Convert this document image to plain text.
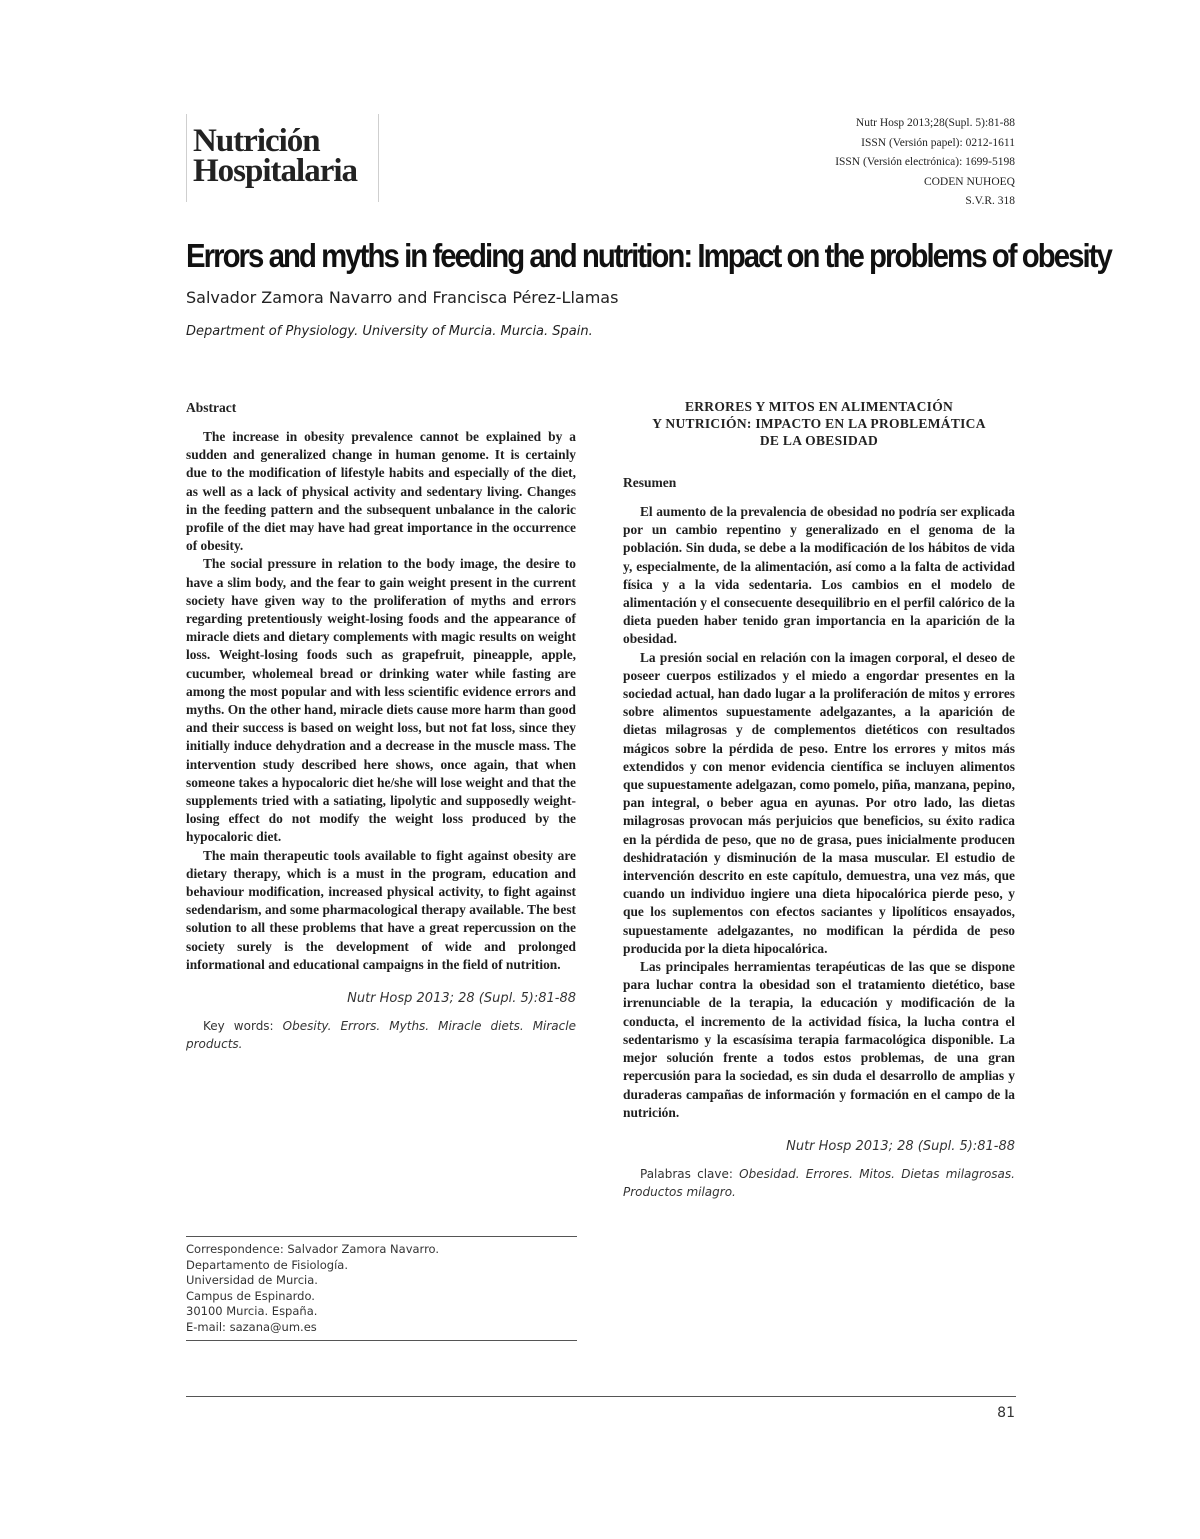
Nutrición
Hospitalaria
Nutr Hosp 2013;28(Supl. 5):81-88
ISSN (Versión papel): 0212-1611
ISSN (Versión electrónica): 1699-5198
CODEN NUHOEQ
S.V.R. 318
Errors and myths in feeding and nutrition: Impact on the problems of obesity
Salvador Zamora Navarro and Francisca Pérez-Llamas
Department of Physiology. University of Murcia. Murcia. Spain.
Abstract

The increase in obesity prevalence cannot be explained by a sudden and generalized change in human genome. It is certainly due to the modification of lifestyle habits and especially of the diet, as well as a lack of physical activity and sedentary living. Changes in the feeding pattern and the subsequent unbalance in the caloric profile of the diet may have had great importance in the occurrence of obesity.

The social pressure in relation to the body image, the desire to have a slim body, and the fear to gain weight present in the current society have given way to the proliferation of myths and errors regarding pretentiously weight-losing foods and the appearance of miracle diets and dietary complements with magic results on weight loss. Weight-losing foods such as grapefruit, pineapple, apple, cucumber, wholemeal bread or drinking water while fasting are among the most popular and with less scientific evidence errors and myths. On the other hand, miracle diets cause more harm than good and their success is based on weight loss, but not fat loss, since they initially induce dehydration and a decrease in the muscle mass. The intervention study described here shows, once again, that when someone takes a hypocaloric diet he/she will lose weight and that the supplements tried with a satiating, lipolytic and supposedly weight-losing effect do not modify the weight loss produced by the hypocaloric diet.

The main therapeutic tools available to fight against obesity are dietary therapy, which is a must in the program, education and behaviour modification, increased physical activity, to fight against sedendarism, and some pharmacological therapy available. The best solution to all these problems that have a great repercussion on the society surely is the development of wide and prolonged informational and educational campaigns in the field of nutrition.

Nutr Hosp 2013; 28 (Supl. 5):81-88
Key words: Obesity. Errors. Myths. Miracle diets. Miracle products.
ERRORES Y MITOS EN ALIMENTACIÓN
Y NUTRICIÓN: IMPACTO EN LA PROBLEMÁTICA
DE LA OBESIDAD
Resumen

El aumento de la prevalencia de obesidad no podría ser explicada por un cambio repentino y generalizado en el genoma de la población. Sin duda, se debe a la modificación de los hábitos de vida y, especialmente, de la alimentación, así como a la falta de actividad física y a la vida sedentaria. Los cambios en el modelo de alimentación y el consecuente desequilibrio en el perfil calórico de la dieta pueden haber tenido gran importancia en la aparición de la obesidad.

La presión social en relación con la imagen corporal, el deseo de poseer cuerpos estilizados y el miedo a engordar presentes en la sociedad actual, han dado lugar a la proliferación de mitos y errores sobre alimentos supuestamente adelgazantes, a la aparición de dietas milagrosas y de complementos dietéticos con resultados mágicos sobre la pérdida de peso. Entre los errores y mitos más extendidos y con menor evidencia científica se incluyen alimentos que supuestamente adelgazan, como pomelo, piña, manzana, pepino, pan integral, o beber agua en ayunas. Por otro lado, las dietas milagrosas provocan más perjuicios que beneficios, su éxito radica en la pérdida de peso, que no de grasa, pues inicialmente producen deshidratación y disminución de la masa muscular. El estudio de intervención descrito en este capítulo, demuestra, una vez más, que cuando un individuo ingiere una dieta hipocalórica pierde peso, y que los suplementos con efectos saciantes y lipolíticos ensayados, supuestamente adelgazantes, no modifican la pérdida de peso producida por la dieta hipocalórica.

Las principales herramientas terapéuticas de las que se dispone para luchar contra la obesidad son el tratamiento dietético, base irrenunciable de la terapia, la educación y modificación de la conducta, el incremento de la actividad física, la lucha contra el sedentarismo y la escasísima terapia farmacológica disponible. La mejor solución frente a todos estos problemas, de una gran repercusión para la sociedad, es sin duda el desarrollo de amplias y duraderas campañas de información y formación en el campo de la nutrición.

Nutr Hosp 2013; 28 (Supl. 5):81-88
Palabras clave: Obesidad. Errores. Mitos. Dietas milagrosas. Productos milagro.
Correspondence: Salvador Zamora Navarro.
Departamento de Fisiología.
Universidad de Murcia.
Campus de Espinardo.
30100 Murcia. España.
E-mail: sazana@um.es
81
